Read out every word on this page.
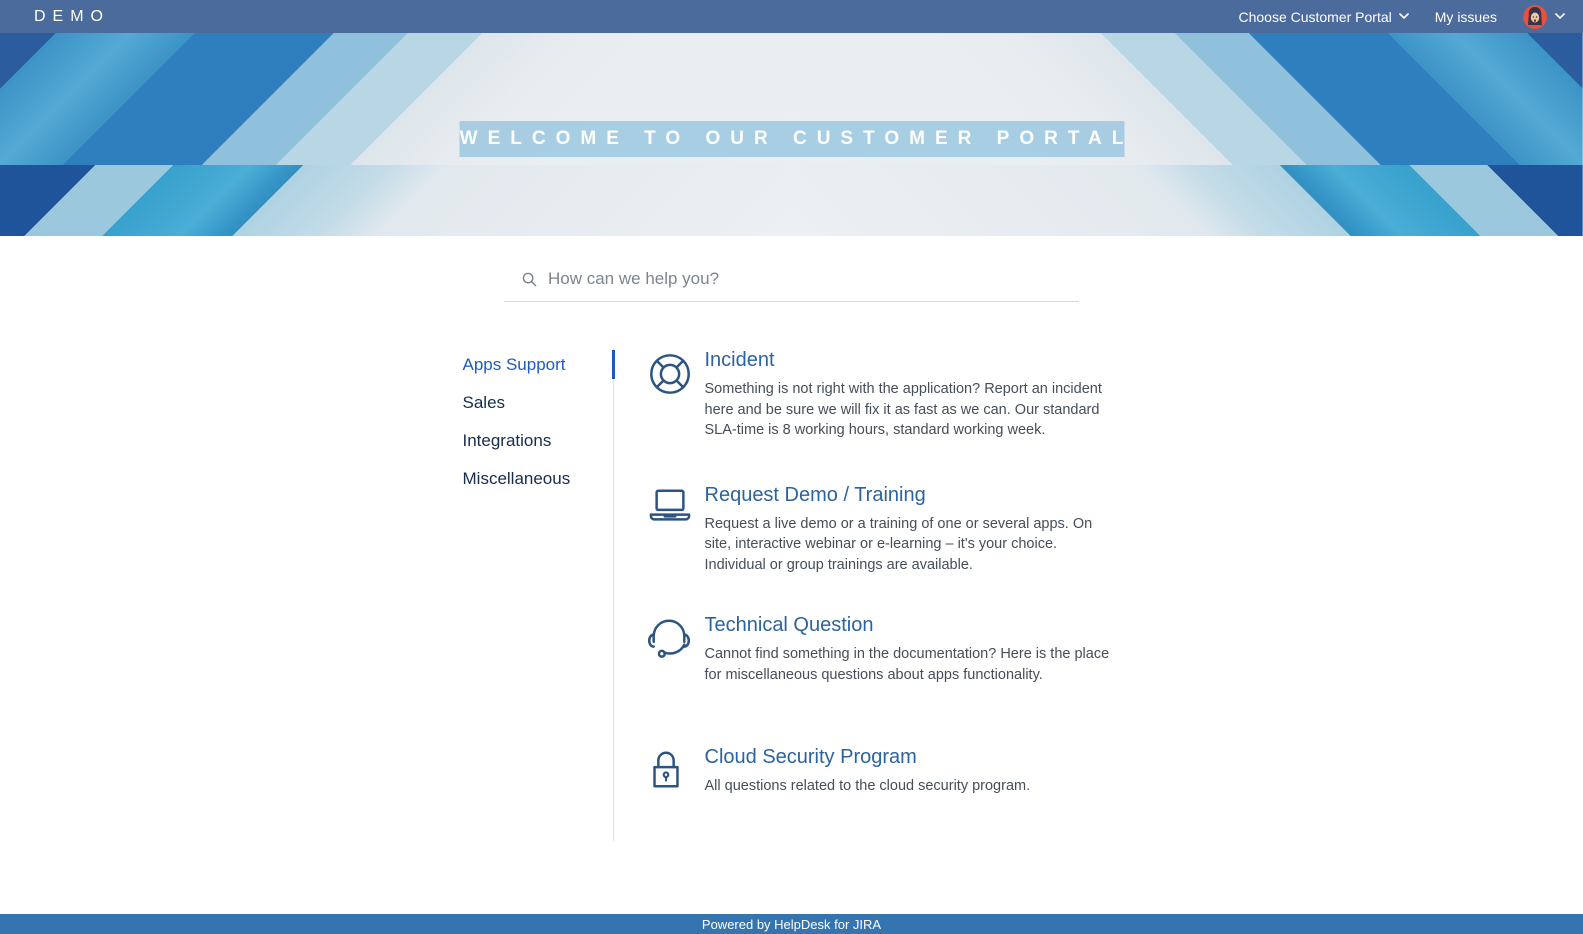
DEMO	Choose Customer Portal	My issues
WELCOME TO OUR CUSTOMER PORTAL
How can we help you?
Apps Support
Sales
Integrations
Miscellaneous
Incident
Something is not right with the application? Report an incident here and be sure we will fix it as fast as we can. Our standard SLA-time is 8 working hours, standard working week.
Request Demo / Training
Request a live demo or a training of one or several apps. On site, interactive webinar or e-learning – it's your choice. Individual or group trainings are available.
Technical Question
Cannot find something in the documentation? Here is the place for miscellaneous questions about apps functionality.
Cloud Security Program
All questions related to the cloud security program.
Powered by HelpDesk for JIRA
